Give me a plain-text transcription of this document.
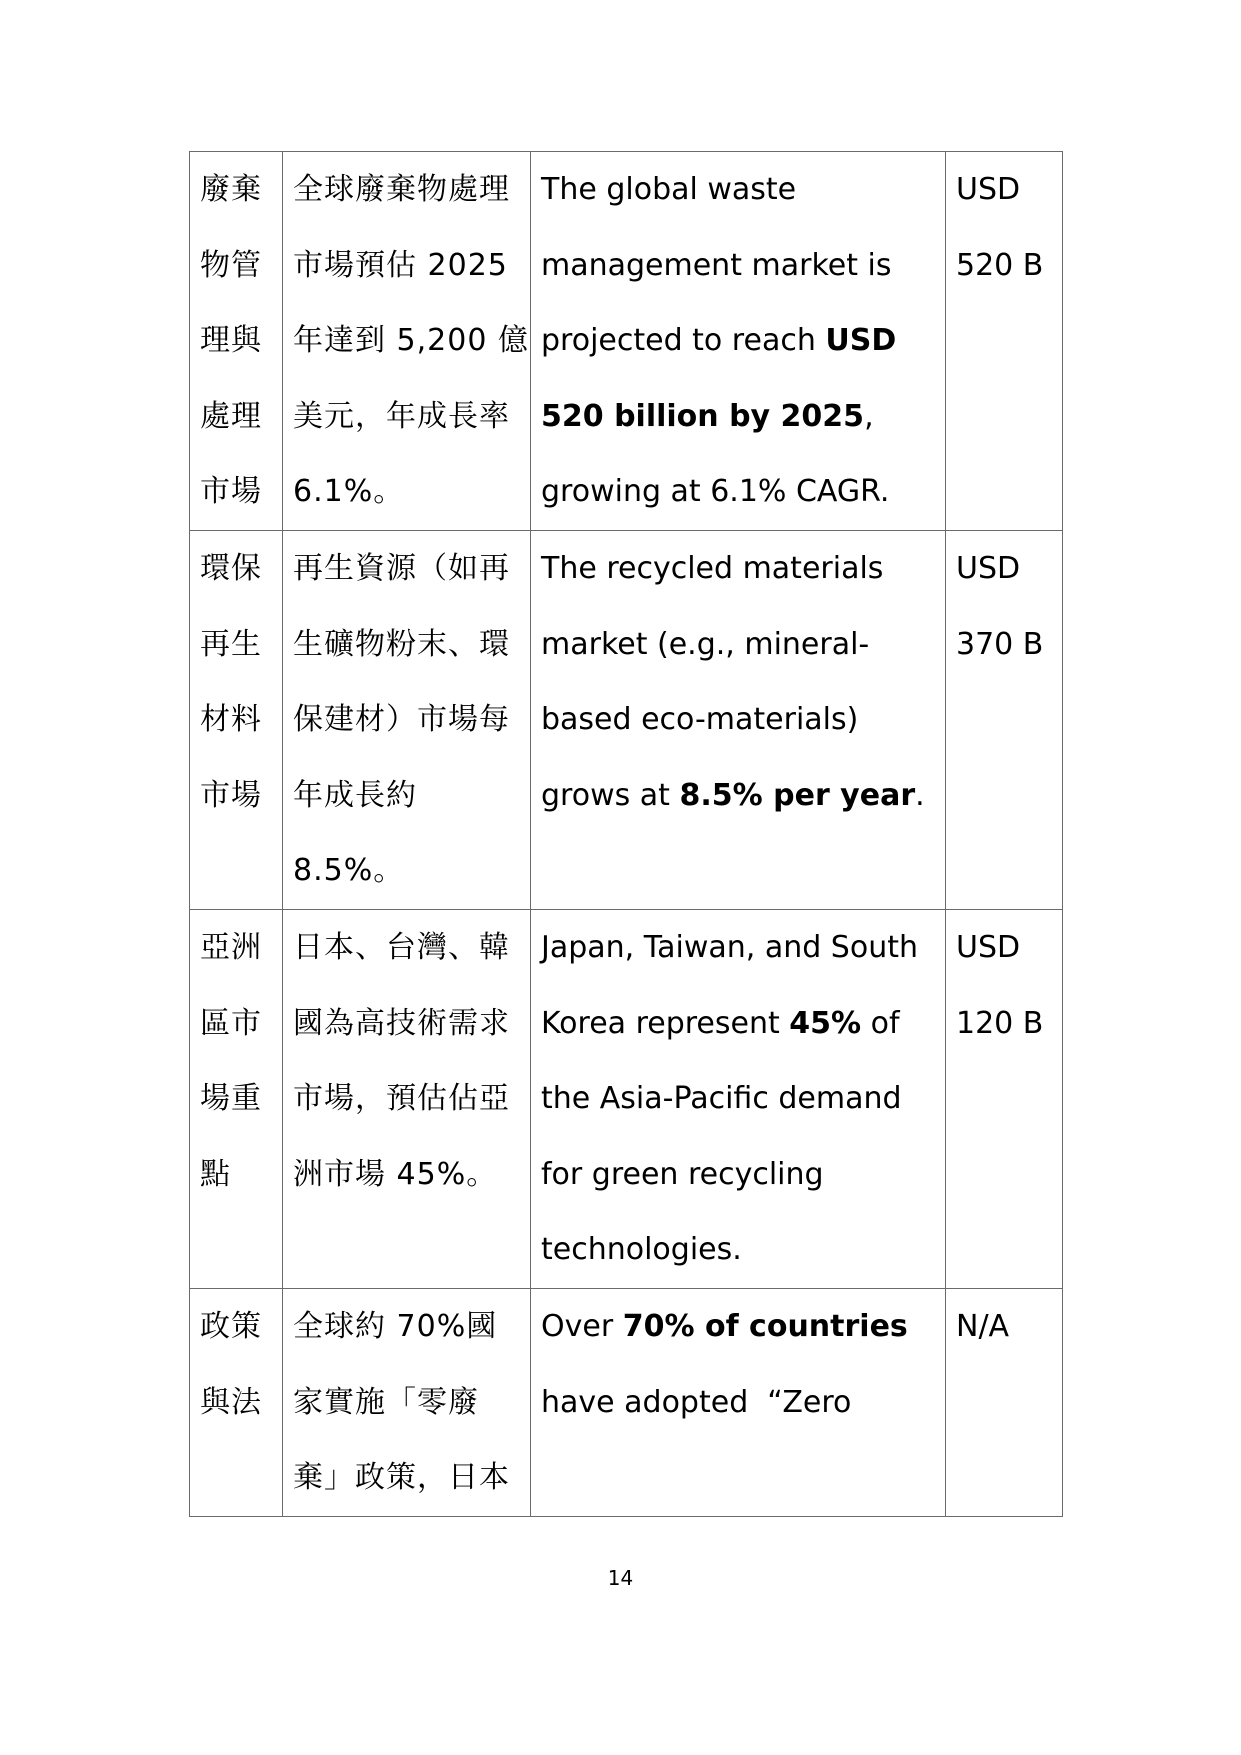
廢棄
物管
理與
處理
市場	全球廢棄物處理
市場預估 2025
年達到 5,200 億
美元，年成長率
6.1%。	The global waste
management market is
projected to reach USD
520 billion by 2025,
growing at 6.1% CAGR.	USD
520 B

環保
再生
材料
市場	再生資源（如再
生礦物粉末、環
保建材）市場每
年成長約
8.5%。	The recycled materials
market (e.g., mineral-
based eco-materials)
grows at 8.5% per year.	USD
370 B

亞洲
區市
場重
點	日本、台灣、韓
國為高技術需求
市場，預估佔亞
洲市場 45%。	Japan, Taiwan, and South
Korea represent 45% of
the Asia-Pacific demand
for green recycling
technologies.	USD
120 B

政策
與法	全球約 70%國
家實施「零廢
棄」政策，日本	Over 70% of countries
have adopted  “Zero	N/A
14
